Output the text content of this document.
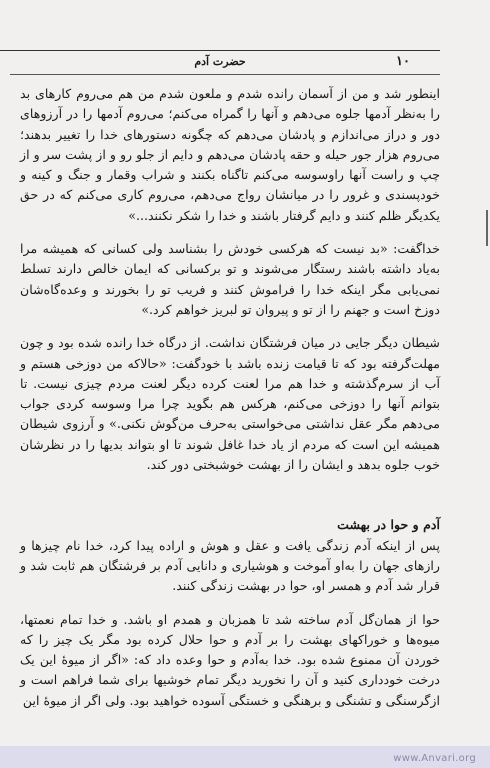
۱۰
حضرت آدم

اینطور شد و من از آسمان رانده شدم و ملعون شدم من هم می‌روم کارهای بد را به‌نظر آدمها جلوه می‌دهم و آنها را گمراه می‌کنم؛ می‌روم آدمها را در آرزوهای دور و دراز می‌اندازم و پادشان می‌دهم که چگونه دستورهای خدا را تغییر بدهند؛ می‌روم هزار جور حیله و حقه پادشان می‌دهم و دایم از جلو رو و از پشت سر و از چپ و راست آنها راوسوسه می‌کنم تاگناه بکنند و شراب وقمار و جنگ و کینه و خودپسندی و غرور را در میانشان رواج می‌دهم، می‌روم کاری می‌کنم که در حق یکدیگر ظلم کنند و دایم گرفتار باشند و خدا را شکر نکنند...»

خداگفت: «بد نیست که هرکسی خودش را بشناسد ولی کسانی که همیشه مرا به‌یاد داشته باشند رستگار می‌شوند و تو برکسانی که ایمان خالص دارند تسلط نمی‌یابی مگر اینکه خدا را فراموش کنند و فریب تو را بخورند و وعده‌گاه‌شان دوزخ است و جهنم را از تو و پیروان تو لبریز خواهم کرد.»

شیطان دیگر جایی در میان فرشتگان نداشت. از درگاه خدا رانده شده بود و چون مهلت‌گرفته بود که تا قیامت زنده باشد با خودگفت: «حالاکه من دوزخی هستم و آب از سرم‌گذشته و خدا هم مرا لعنت کرده دیگر لعنت مردم چیزی نیست. تا بتوانم آنها را دوزخی می‌کنم، هرکس هم بگوید چرا مرا وسوسه کردی جواب می‌دهم مگر عقل نداشتی می‌خواستی به‌حرف من‌گوش نکنی.» و آرزوی شیطان همیشه این است که مردم از یاد خدا غافل شوند تا او بتواند بدیها را در نظرشان خوب جلوه بدهد و ایشان را از بهشت خوشبختی دور کند.

آدم و حوا در بهشت

پس از اینکه آدم زندگی یافت و عقل و هوش و اراده پیدا کرد، خدا نام چیزها و رازهای جهان را به‌او آموخت و هوشیاری و دانایی آدم بر فرشتگان هم ثابت شد و قرار شد آدم و همسر او، حوا در بهشت زندگی کنند.

حوا از همان‌گل آدم ساخته شد تا همزبان و همدم او باشد. و خدا تمام نعمتها، میوه‌ها و خوراکهای بهشت را بر آدم و حوا حلال کرده بود مگر یک چیز را که خوردن آن ممنوع شده بود. خدا به‌آدم و حوا وعده داد که: «اگر از میوهٔ این یک درخت خودداری کنید و آن را نخورید دیگر تمام خوشیها برای شما فراهم است و ازگرسنگی و تشنگی و برهنگی و خستگی آسوده خواهید بود. ولی اگر از میوهٔ این

www.Anvari.org
